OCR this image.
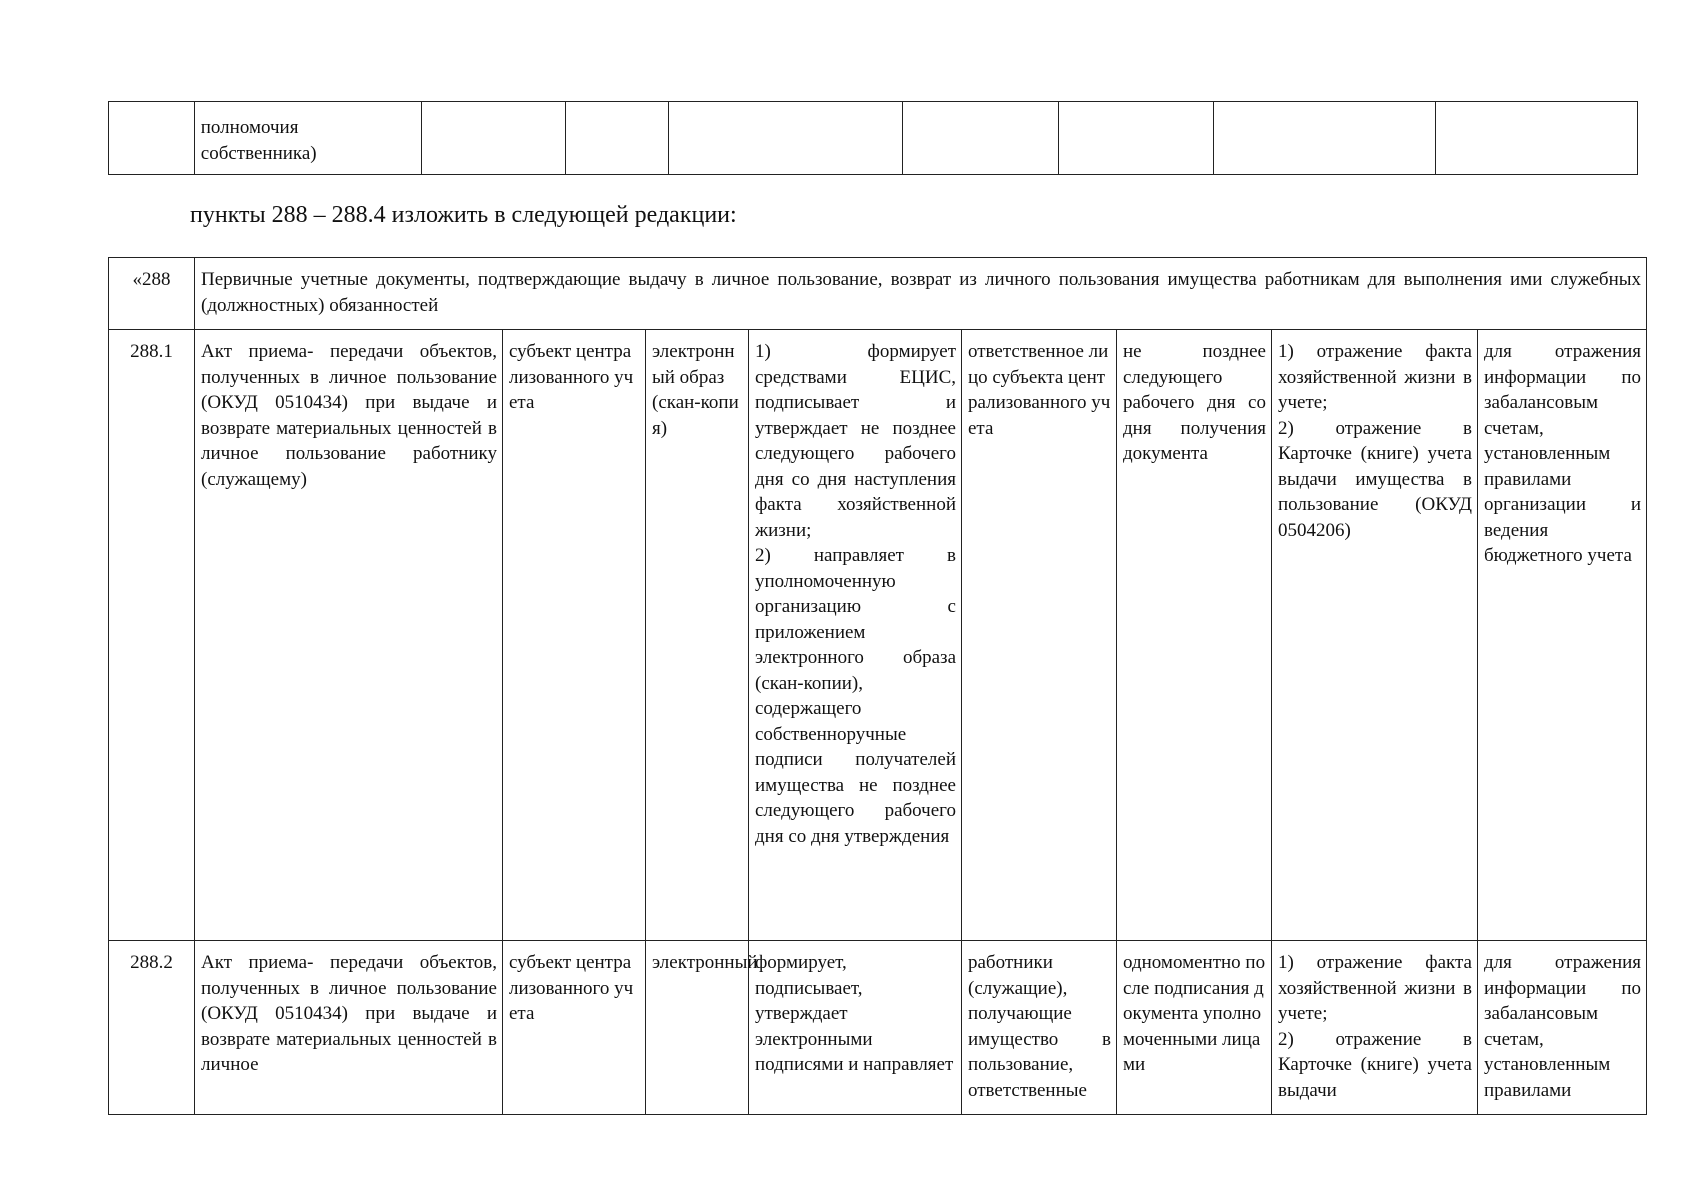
полномочия собственника)

пункты 288 – 288.4 изложить в следующей редакции:
«288	Первичные учетные документы, подтверждающие выдачу в личное пользование, возврат из личного пользования имущества работникам для выполнения ими служебных (должностных) обязанностей							

288.1	Акт приема- передачи объектов, полученных в личное пользование (ОКУД 0510434) при выдаче и возврате материальных ценностей в личное пользование работнику (служащему)	субъект централизованного учета	электронный образ (скан-копия)	1) формирует средствами ЕЦИС, подписывает и утверждает не позднее следующего рабочего дня со дня наступления факта хозяйственной жизни;
2) направляет в уполномоченную организацию с приложением электронного образа (скан-копии), содержащего собственноручные подписи получателей имущества не позднее следующего рабочего дня со дня утверждения	ответственное лицо субъекта централизованного учета	не позднее следующего рабочего дня со дня получения документа	1) отражение факта хозяйственной жизни в учете;
2) отражение в Карточке (книге) учета выдачи имущества в пользование (ОКУД 0504206)	для отражения информации по забалансовым счетам, установленным правилами организации и ведения бюджетного учета

288.2	Акт приема- передачи объектов, полученных в личное пользование (ОКУД 0510434) при выдаче и возврате материальных ценностей в личное	субъект централизованного учета	электронный	формирует, подписывает, утверждает электронными подписями и направляет	работники (служащие), получающие имущество в пользование, ответственные	одномоментно после подписания документа уполномоченными лицами	1) отражение факта хозяйственной жизни в учете;
2) отражение в Карточке (книге) учета выдачи	для отражения информации по забалансовым счетам, установленным правилами
